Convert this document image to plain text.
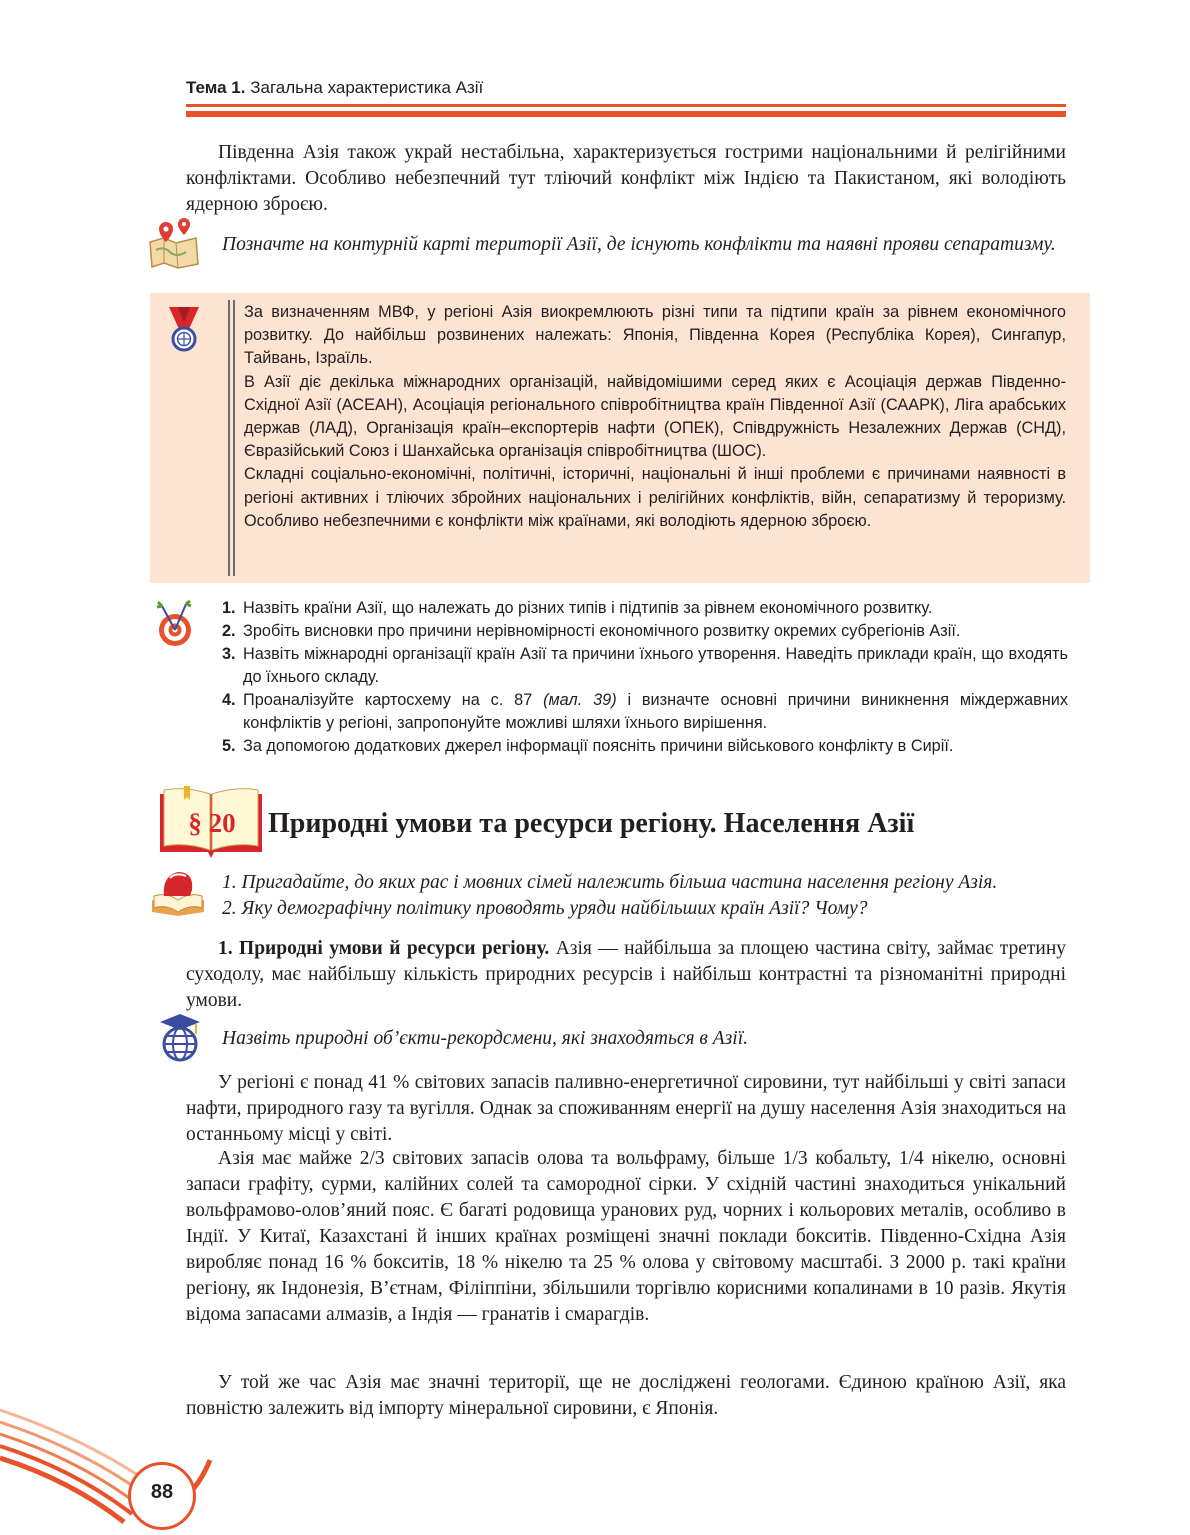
Тема 1. Загальна характеристика Азії
Південна Азія також украй нестабільна, характеризується гострими національними й релігійними конфліктами. Особливо небезпечний тут тліючий конфлікт між Індією та Пакистаном, які володіють ядерною зброєю.
Позначте на контурній карті території Азії, де існують конфлікти та наявні прояви сепаратизму.

За визначенням МВФ, у регіоні Азія виокремлюють різні типи та підтипи країн за рівнем економічного розвитку. До найбільш розвинених належать: Японія, Південна Корея (Республіка Корея), Сингапур, Тайвань, Ізраїль.

В Азії діє декілька міжнародних організацій, найвідомішими серед яких є Асоціація держав Південно-Східної Азії (АСЕАН), Асоціація регіонального співробітництва країн Південної Азії (СААРК), Ліга арабських держав (ЛАД), Організація країн–експортерів нафти (ОПЕК), Співдружність Незалежних Держав (СНД), Євразійський Союз і Шанхайська організація співробітництва (ШОС).

Складні соціально-економічні, політичні, історичні, національні й інші проблеми є причинами наявності в регіоні активних і тліючих збройних національних і релігійних конфліктів, війн, сепаратизму й тероризму. Особливо небезпечними є конфлікти між країнами, які володіють ядерною зброєю.

1. Назвіть країни Азії, що належать до різних типів і підтипів за рівнем економічного розвитку.
2. Зробіть висновки про причини нерівномірності економічного розвитку окремих субрегіонів Азії.
3. Назвіть міжнародні організації країн Азії та причини їхнього утворення. Наведіть приклади країн, що входять до їхнього складу.
4. Проаналізуйте картосхему на с. 87 (мал. 39) і визначте основні причини виникнення міждержавних конфліктів у регіоні, запропонуйте можливі шляхи їхнього вирішення.
5. За допомогою додаткових джерел інформації поясніть причини військового конфлікту в Сирії.
§ 20	Природні умови та ресурси регіону. Населення Азії
1. Пригадайте, до яких рас і мовних сімей належить більша частина населення регіону Азія.
2. Яку демографічну політику проводять уряди найбільших країн Азії? Чому?
1. Природні умови й ресурси регіону. Азія — найбільша за площею частина світу, займає третину суходолу, має найбільшу кількість природних ресурсів і найбільш контрастні та різноманітні природні умови.
Назвіть природні об’єкти-рекордсмени, які знаходяться в Азії.
У регіоні є понад 41 % світових запасів паливно-енергетичної сировини, тут найбільші у світі запаси нафти, природного газу та вугілля. Однак за споживанням енергії на душу населення Азія знаходиться на останньому місці у світі.
Азія має майже 2/3 світових запасів олова та вольфраму, більше 1/3 кобальту, 1/4 нікелю, основні запаси графіту, сурми, калійних солей та самородної сірки. У східній частині знаходиться унікальний вольфрамово-олов’яний пояс. Є багаті родовища уранових руд, чорних і кольорових металів, особливо в Індії. У Китаї, Казахстані й інших країнах розміщені значні поклади бокситів. Південно-Східна Азія виробляє понад 16 % бокситів, 18 % нікелю та 25 % олова у світовому масштабі. З 2000 р. такі країни регіону, як Індонезія, В’єтнам, Філіппіни, збільшили торгівлю корисними копалинами в 10 разів. Якутія відома запасами алмазів, а Індія — гранатів і смарагдів.
У той же час Азія має значні території, ще не досліджені геологами. Єдиною країною Азії, яка повністю залежить від імпорту мінеральної сировини, є Японія.
88
